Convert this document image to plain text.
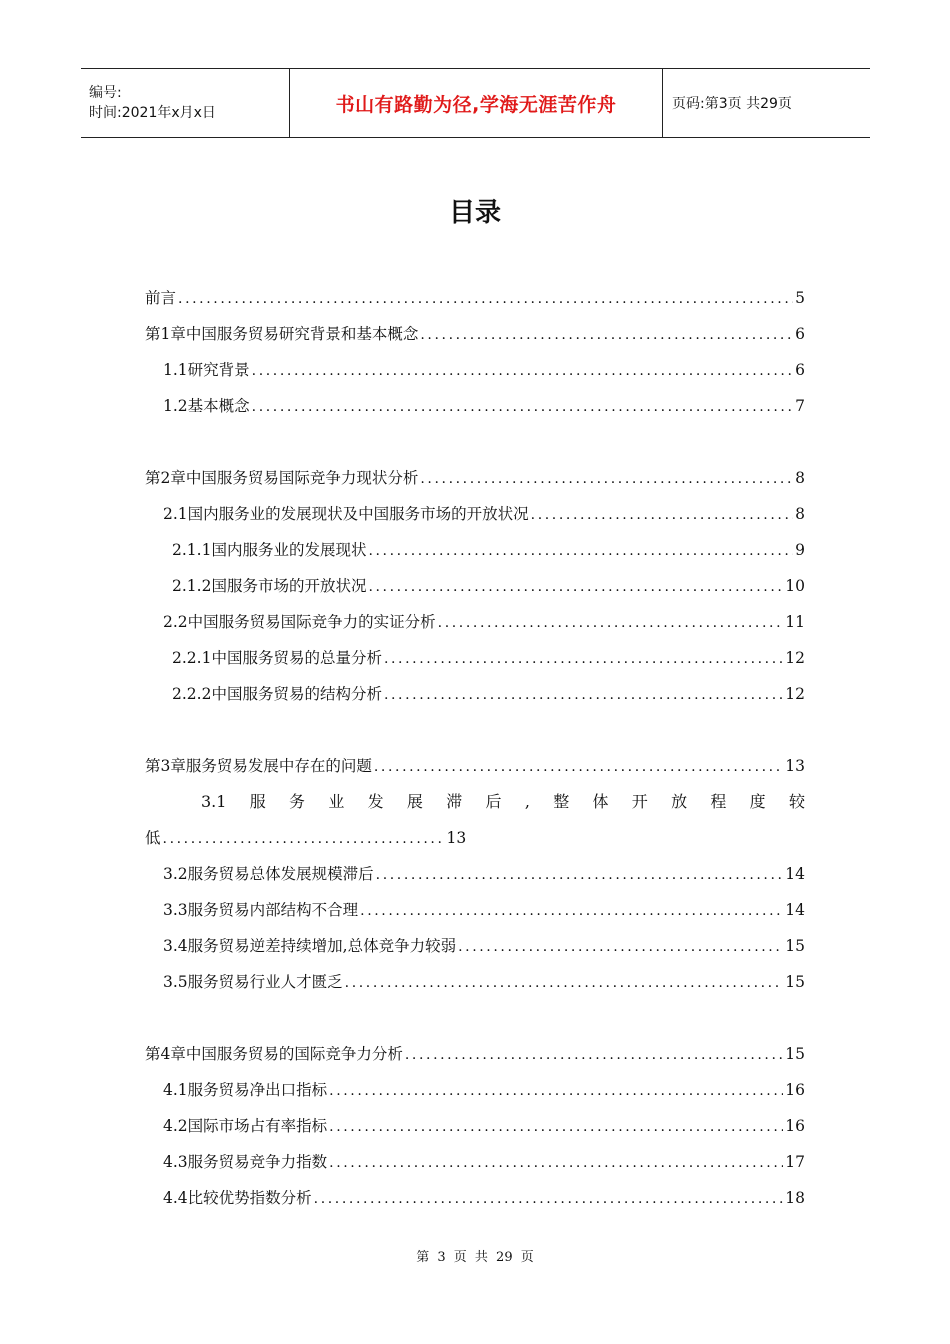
编号:
时间:2021年x月x日	书山有路勤为径,学海无涯苦作舟	页码:第3页 共29页
目录
前言 .....	5
第1章中国服务贸易研究背景和基本概念 .....	6
1.1研究背景 .....	6
1.2基本概念 .....	7
第2章中国服务贸易国际竞争力现状分析 .....	8
2.1国内服务业的发展现状及中国服务市场的开放状况 .....	8
2.1.1国内服务业的发展现状 .....	9
2.1.2国服务市场的开放状况 .....	10
2.2中国服务贸易国际竞争力的实证分析 .....	11
2.2.1中国服务贸易的总量分析 .....	12
2.2.2中国服务贸易的结构分析 .....	12
第3章服务贸易发展中存在的问题 .....	13
3.1 服 务 业 发 展 滞 后 , 整 体 开 放 程 度 较
低 .....	13
3.2服务贸易总体发展规模滞后 .....	14
3.3服务贸易内部结构不合理 .....	14
3.4服务贸易逆差持续增加,总体竞争力较弱 .....	15
3.5服务贸易行业人才匮乏 .....	15
第4章中国服务贸易的国际竞争力分析 .....	15
4.1服务贸易净出口指标 .....	16
4.2国际市场占有率指标 .....	16
4.3服务贸易竞争力指数 .....	17
4.4比较优势指数分析 .....	18
第 3 页 共 29 页
